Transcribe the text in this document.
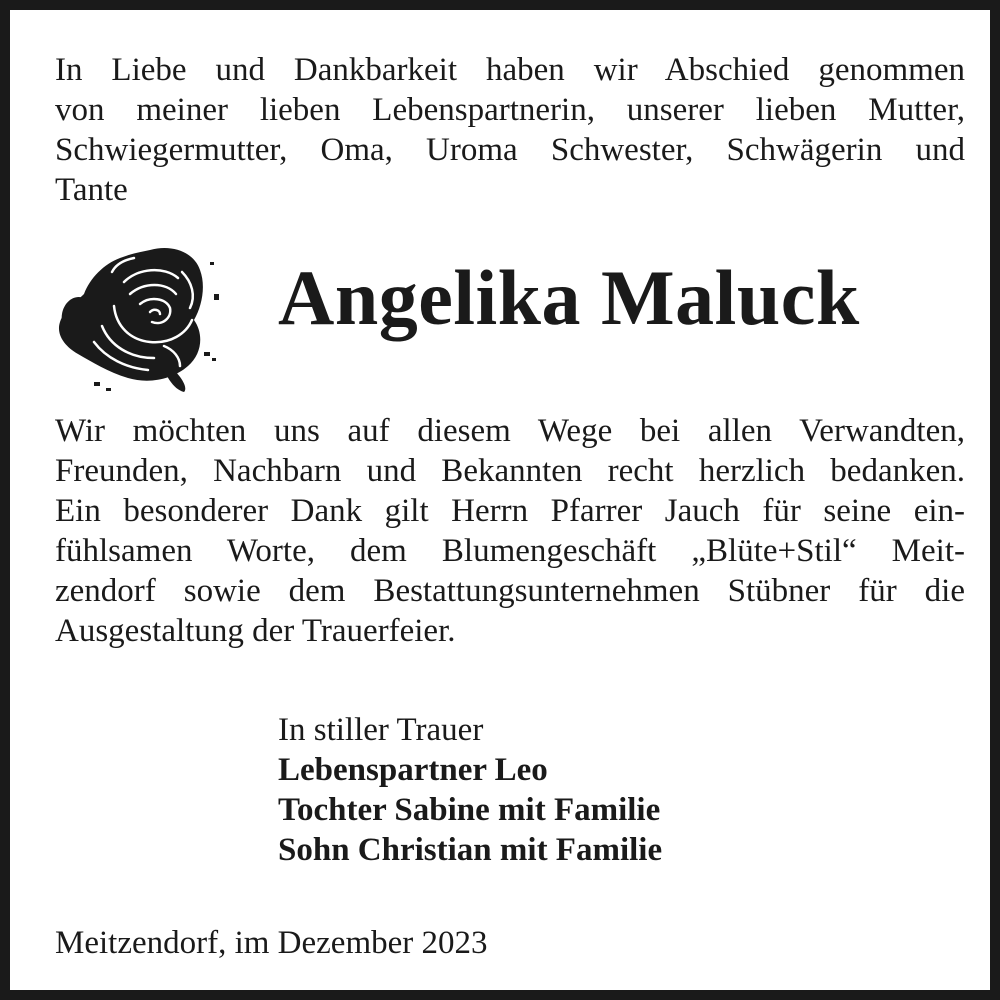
In Liebe und Dankbarkeit haben wir Abschied genommen
von meiner lieben Lebenspartnerin, unserer lieben Mutter,
Schwiegermutter, Oma, Uroma Schwester, Schwägerin und
Tante

Angelika Maluck

Wir möchten uns auf diesem Wege bei allen Verwandten,
Freunden, Nachbarn und Bekannten recht herzlich bedanken.
Ein besonderer Dank gilt Herrn Pfarrer Jauch für seine ein-
fühlsamen Worte, dem Blumengeschäft „Blüte+Stil“ Meit-
zendorf sowie dem Bestattungsunternehmen Stübner für die
Ausgestaltung der Trauerfeier.

In stiller Trauer
Lebenspartner Leo
Tochter Sabine mit Familie
Sohn Christian mit Familie
Meitzendorf, im Dezember 2023
